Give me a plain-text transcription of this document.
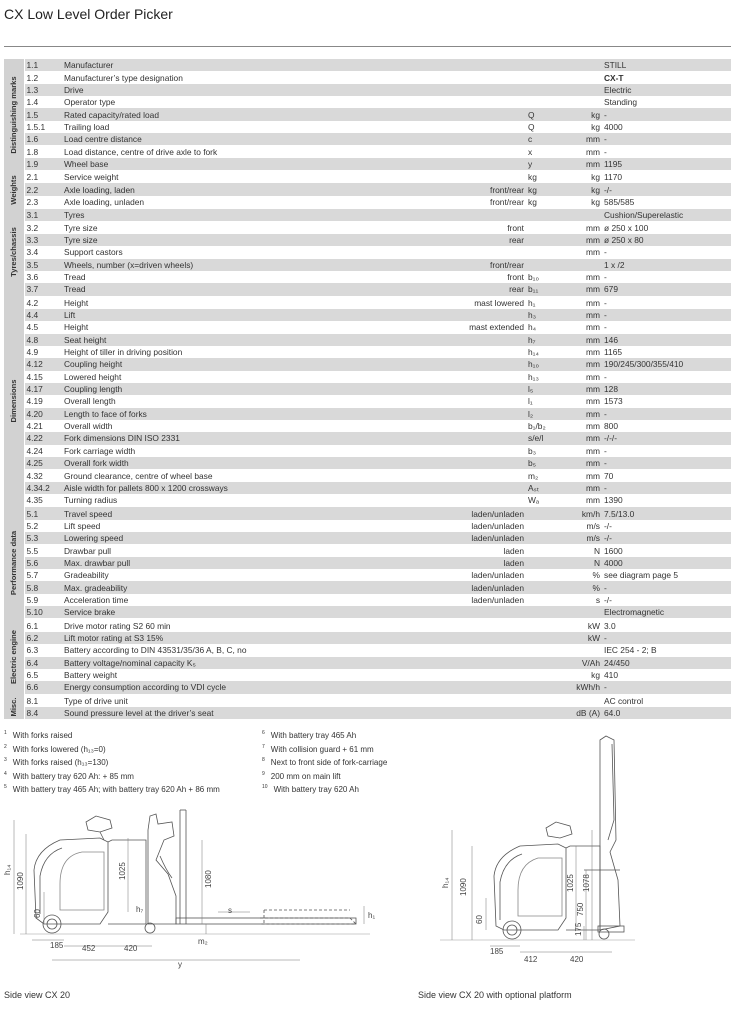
CX Low Level Order Picker
Distinguishing marks	1.1	Manufacturer				STILL
	1.2	Manufacturer’s type designation				CX-T
	1.3	Drive				Electric
	1.4	Operator type				Standing
	1.5	Rated capacity/rated load		Q	kg	-
	1.5.1	Trailing load		Q	kg	4000
	1.6	Load centre distance		c	mm	-
	1.8	Load distance, centre of drive axle to fork		x	mm	-
	1.9	Wheel base		y	mm	1195

Weights	2.1	Service weight		kg	kg	1170
	2.2	Axle loading, laden	front/rear	kg	kg	-/-
	2.3	Axle loading, unladen	front/rear	kg	kg	585/585

Tyres/chassis	3.1	Tyres				Cushion/Superelastic
	3.2	Tyre size	front		mm	ø 250 x 100
	3.3	Tyre size	rear		mm	ø 250 x 80
	3.4	Support castors			mm	-
	3.5	Wheels, number (x=driven wheels)	front/rear			1 x /2
	3.6	Tread	front	b₁₀	mm	-
	3.7	Tread	rear	b₁₁	mm	679

Dimensions	4.2	Height	mast lowered	h₁	mm	-
	4.4	Lift		h₃	mm	-
	4.5	Height	mast extended	h₄	mm	-
	4.8	Seat height		h₇	mm	146
	4.9	Height of tiller in driving position		h₁₄	mm	1165
	4.12	Coupling height		h₁₀	mm	190/245/300/355/410
	4.15	Lowered height		h₁₃	mm	-
	4.17	Coupling length		l₅	mm	128
	4.19	Overall length		l₁	mm	1573
	4.20	Length to face of forks		l₂	mm	-
	4.21	Overall width		b₁/b₂	mm	800
	4.22	Fork dimensions DIN ISO 2331		s/e/l	mm	-/-/-
	4.24	Fork carriage width		b₃	mm	-
	4.25	Overall fork width		b₅	mm	-
	4.32	Ground clearance, centre of wheel base		m₂	mm	70
	4.34.2	Aisle width for pallets 800 x 1200 crossways		Aₛₜ	mm	-
	4.35	Turning radius		Wₐ	mm	1390

Performance data	5.1	Travel speed	laden/unladen		km/h	7.5/13.0
	5.2	Lift speed	laden/unladen		m/s	-/-
	5.3	Lowering speed	laden/unladen		m/s	-/-
	5.5	Drawbar pull	laden		N	1600
	5.6	Max. drawbar pull	laden		N	4000
	5.7	Gradeability	laden/unladen		%	see diagram page 5
	5.8	Max. gradeability	laden/unladen		%	-
	5.9	Acceleration time	laden/unladen		s	-/-
	5.10	Service brake				Electromagnetic

Electric engine	6.1	Drive motor rating S2 60 min			kW	3.0
	6.2	Lift motor rating at S3 15%			kW	-
	6.3	Battery according to DIN 43531/35/36 A, B, C, no				IEC 254 - 2; B
	6.4	Battery voltage/nominal capacity K₅			V/Ah	24/450
	6.5	Battery weight			kg	410
	6.6	Energy consumption according to VDI cycle			kWh/h	-

Misc.	8.1	Type of drive unit				AC control
	8.4	Sound pressure level at the driver’s seat			dB (A)	64.0
$^1$ With forks raised
$^2$ With forks lowered (h₁₃=0)
$^3$ With forks raised (h₁₃=130)
$^4$ With battery tray 620 Ah: + 85 mm
$^5$ With battery tray 465 Ah; with battery tray 620 Ah + 86 mm
$^6$ With battery tray 465 Ah
$^7$ With collision guard + 61 mm
$^8$ Next to front side of fork-carriage
$^9$ 200 mm on main lift
$^{10}$ With battery tray 620 Ah
h₁₄
1090
1025	1080
60	h₇	s
h₁
m₂
185 452	420
y
h₁₄ 1090
60
1025 1078
750
175
185
412	420
Side view CX 20	Side view CX 20 with optional platform
